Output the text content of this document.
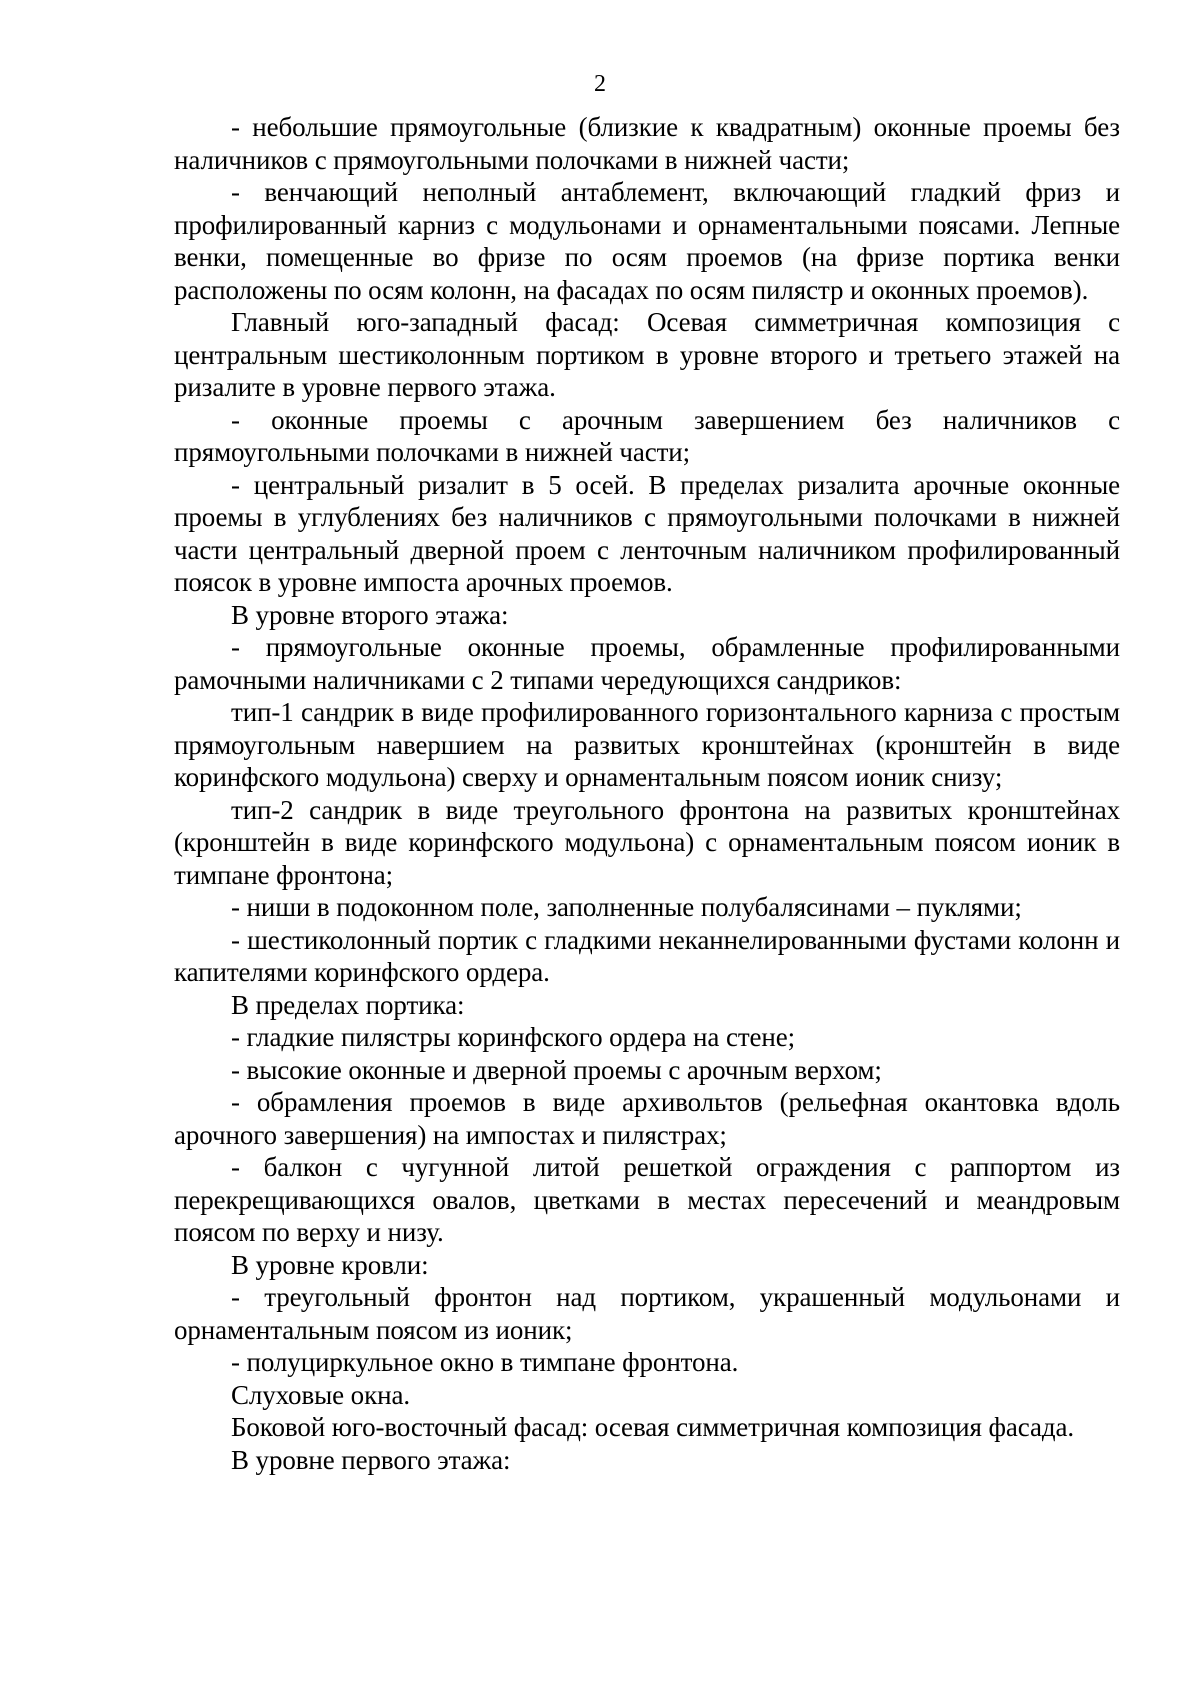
2

- небольшие прямоугольные (близкие к квадратным) оконные проемы без наличников с прямоугольными полочками в нижней части;

- венчающий неполный антаблемент, включающий гладкий фриз и профилированный карниз с модульонами и орнаментальными поясами. Лепные венки, помещенные во фризе по осям проемов (на фризе портика венки расположены по осям колонн, на фасадах по осям пилястр и оконных проемов).

Главный юго-западный фасад: Осевая симметричная композиция с центральным шестиколонным портиком в уровне второго и третьего этажей на ризалите в уровне первого этажа.

- оконные проемы с арочным завершением без наличников с прямоугольными полочками в нижней части;

- центральный ризалит в 5 осей. В пределах ризалита арочные оконные проемы в углублениях без наличников с прямоугольными полочками в нижней части центральный дверной проем с ленточным наличником профилированный поясок в уровне импоста арочных проемов.

В уровне второго этажа:

- прямоугольные оконные проемы, обрамленные профилированными рамочными наличниками с 2 типами чередующихся сандриков:

тип-1 сандрик в виде профилированного горизонтального карниза с простым прямоугольным навершием на развитых кронштейнах (кронштейн в виде коринфского модульона) сверху и орнаментальным поясом ионик снизу;

тип-2 сандрик в виде треугольного фронтона на развитых кронштейнах (кронштейн в виде коринфского модульона) с орнаментальным поясом ионик в тимпане фронтона;

- ниши в подоконном поле, заполненные полубалясинами – пуклями;

- шестиколонный портик с гладкими неканнелированными фустами колонн и капителями коринфского ордера.

В пределах портика:

- гладкие пилястры коринфского ордера на стене;

- высокие оконные и дверной проемы с арочным верхом;

- обрамления проемов в виде архивольтов (рельефная окантовка вдоль арочного завершения) на импостах и пилястрах;

- балкон с чугунной литой решеткой ограждения с раппортом из перекрещивающихся овалов, цветками в местах пересечений и меандровым поясом по верху и низу.

В уровне кровли:

- треугольный фронтон над портиком, украшенный модульонами и орнаментальным поясом из ионик;

- полуциркульное окно в тимпане фронтона.

Слуховые окна.

Боковой юго-восточный фасад: осевая симметричная композиция фасада.

В уровне первого этажа:
